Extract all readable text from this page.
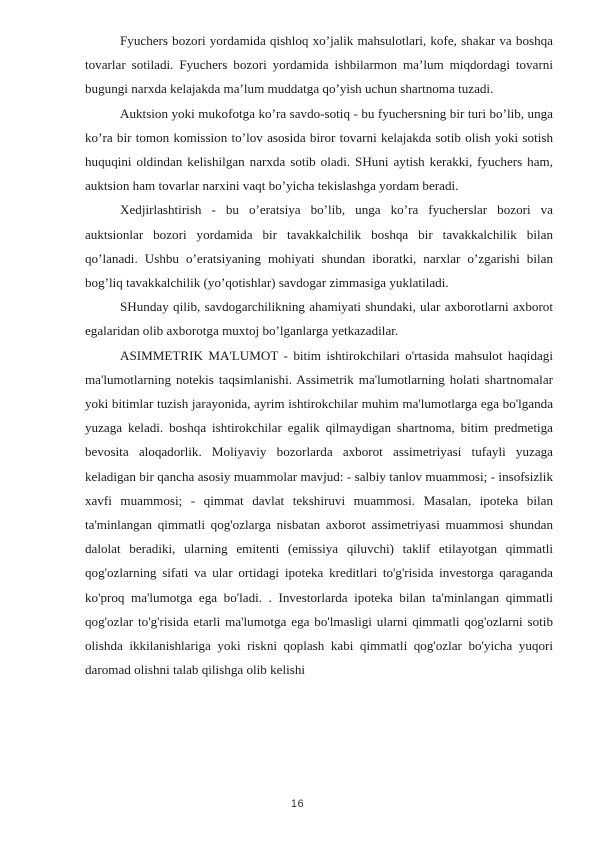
Fyuchers bozori yordamida qishloq xo’jalik mahsulotlari, kofe, shakar va boshqa tovarlar sotiladi. Fyuchers bozori yordamida ishbilarmon ma’lum miqdordagi tovarni bugungi narxda kelajakda ma’lum muddatga qo’yish uchun shartnoma tuzadi.

Auktsion yoki mukofotga ko’ra savdo-sotiq - bu fyuchersning bir turi bo’lib, unga ko’ra bir tomon komission to’lov asosida biror tovarni kelajakda sotib olish yoki sotish huquqini oldindan kelishilgan narxda sotib oladi. SHuni aytish kerakki, fyuchers ham, auktsion ham tovarlar narxini vaqt bo’yicha tekislashga yordam beradi.

Xedjirlashtirish - bu o’eratsiya bo’lib, unga ko’ra fyucherslar bozori va auktsionlar bozori yordamida bir tavakkalchilik boshqa bir tavakkalchilik bilan qo’lanadi. Ushbu o’eratsiyaning mohiyati shundan iboratki, narxlar o’zgarishi bilan bog’liq tavakkalchilik (yo’qotishlar) savdogar zimmasiga yuklatiladi.

SHunday qilib, savdogarchilikning ahamiyati shundaki, ular axborotlarni axborot egalaridan olib axborotga muxtoj bo’lganlarga yetkazadilar.

ASIMMETRIK MA'LUMOT - bitim ishtirokchilari o'rtasida mahsulot haqidagi ma'lumotlarning notekis taqsimlanishi. Assimetrik ma'lumotlarning holati shartnomalar yoki bitimlar tuzish jarayonida, ayrim ishtirokchilar muhim ma'lumotlarga ega bo'lganda yuzaga keladi. boshqa ishtirokchilar egalik qilmaydigan shartnoma, bitim predmetiga bevosita aloqadorlik. Moliyaviy bozorlarda axborot assimetriyasi tufayli yuzaga keladigan bir qancha asosiy muammolar mavjud: - salbiy tanlov muammosi; - insofsizlik xavfi muammosi; - qimmat davlat tekshiruvi muammosi. Masalan, ipoteka bilan ta'minlangan qimmatli qog'ozlarga nisbatan axborot assimetriyasi muammosi shundan dalolat beradiki, ularning emitenti (emissiya qiluvchi) taklif etilayotgan qimmatli qog'ozlarning sifati va ular ortidagi ipoteka kreditlari to'g'risida investorga qaraganda ko'proq ma'lumotga ega bo'ladi. . Investorlarda ipoteka bilan ta'minlangan qimmatli qog'ozlar to'g'risida etarli ma'lumotga ega bo'lmasligi ularni qimmatli qog'ozlarni sotib olishda ikkilanishlariga yoki riskni qoplash kabi qimmatli qog'ozlar bo'yicha yuqori daromad olishni talab qilishga olib kelishi

16
